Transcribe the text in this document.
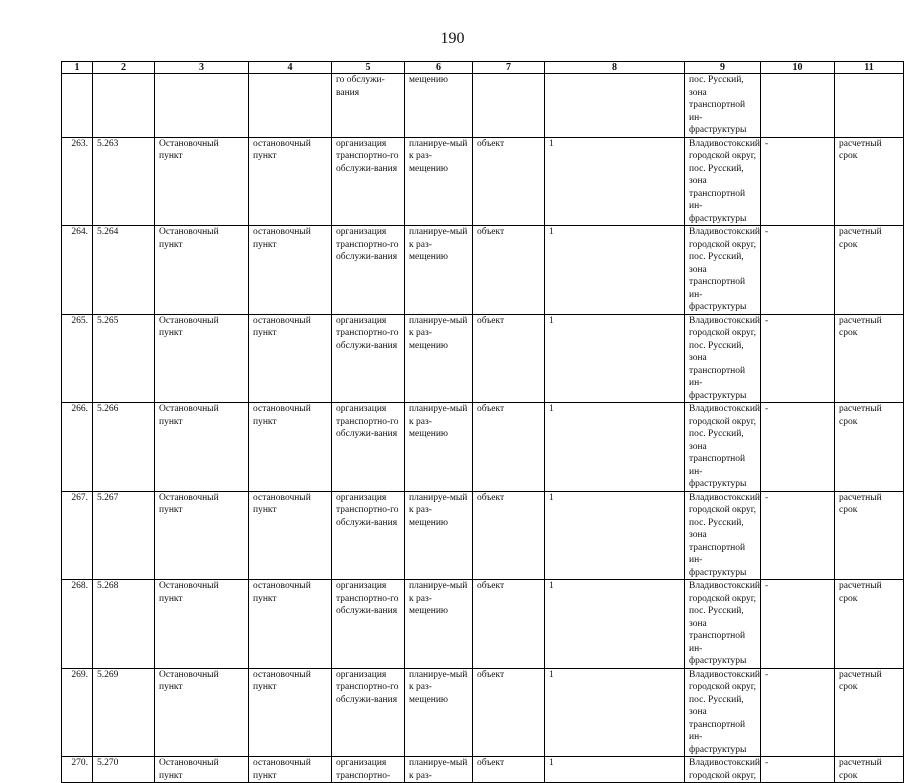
190
1	2	3	4	5	6	7	8	9	10	11
				го обслужи-вания	мещению			пос. Русский, зона транспортной ин-фраструктуры		
263.	5.263	Остановочный пункт	остановочный пункт	организация транспортно-го обслужи-вания	планируе-мый к раз-мещению	объект	1	Владивостокский городской округ, пос. Русский, зона транспортной ин-фраструктуры	-	расчетный срок
264.	5.264	Остановочный пункт	остановочный пункт	организация транспортно-го обслужи-вания	планируе-мый к раз-мещению	объект	1	Владивостокский городской округ, пос. Русский, зона транспортной ин-фраструктуры	-	расчетный срок
265.	5.265	Остановочный пункт	остановочный пункт	организация транспортно-го обслужи-вания	планируе-мый к раз-мещению	объект	1	Владивостокский городской округ, пос. Русский, зона транспортной ин-фраструктуры	-	расчетный срок
266.	5.266	Остановочный пункт	остановочный пункт	организация транспортно-го обслужи-вания	планируе-мый к раз-мещению	объект	1	Владивостокский городской округ, пос. Русский, зона транспортной ин-фраструктуры	-	расчетный срок
267.	5.267	Остановочный пункт	остановочный пункт	организация транспортно-го обслужи-вания	планируе-мый к раз-мещению	объект	1	Владивостокский городской округ, пос. Русский, зона транспортной ин-фраструктуры	-	расчетный срок
268.	5.268	Остановочный пункт	остановочный пункт	организация транспортно-го обслужи-вания	планируе-мый к раз-мещению	объект	1	Владивостокский городской округ, пос. Русский, зона транспортной ин-фраструктуры	-	расчетный срок
269.	5.269	Остановочный пункт	остановочный пункт	организация транспортно-го обслужи-вания	планируе-мый к раз-мещению	объект	1	Владивостокский городской округ, пос. Русский, зона транспортной ин-фраструктуры	-	расчетный срок
270.	5.270	Остановочный пункт	остановочный пункт	организация транспортно-	планируе-мый к раз-	объект	1	Владивостокский городской округ,	-	расчетный срок
